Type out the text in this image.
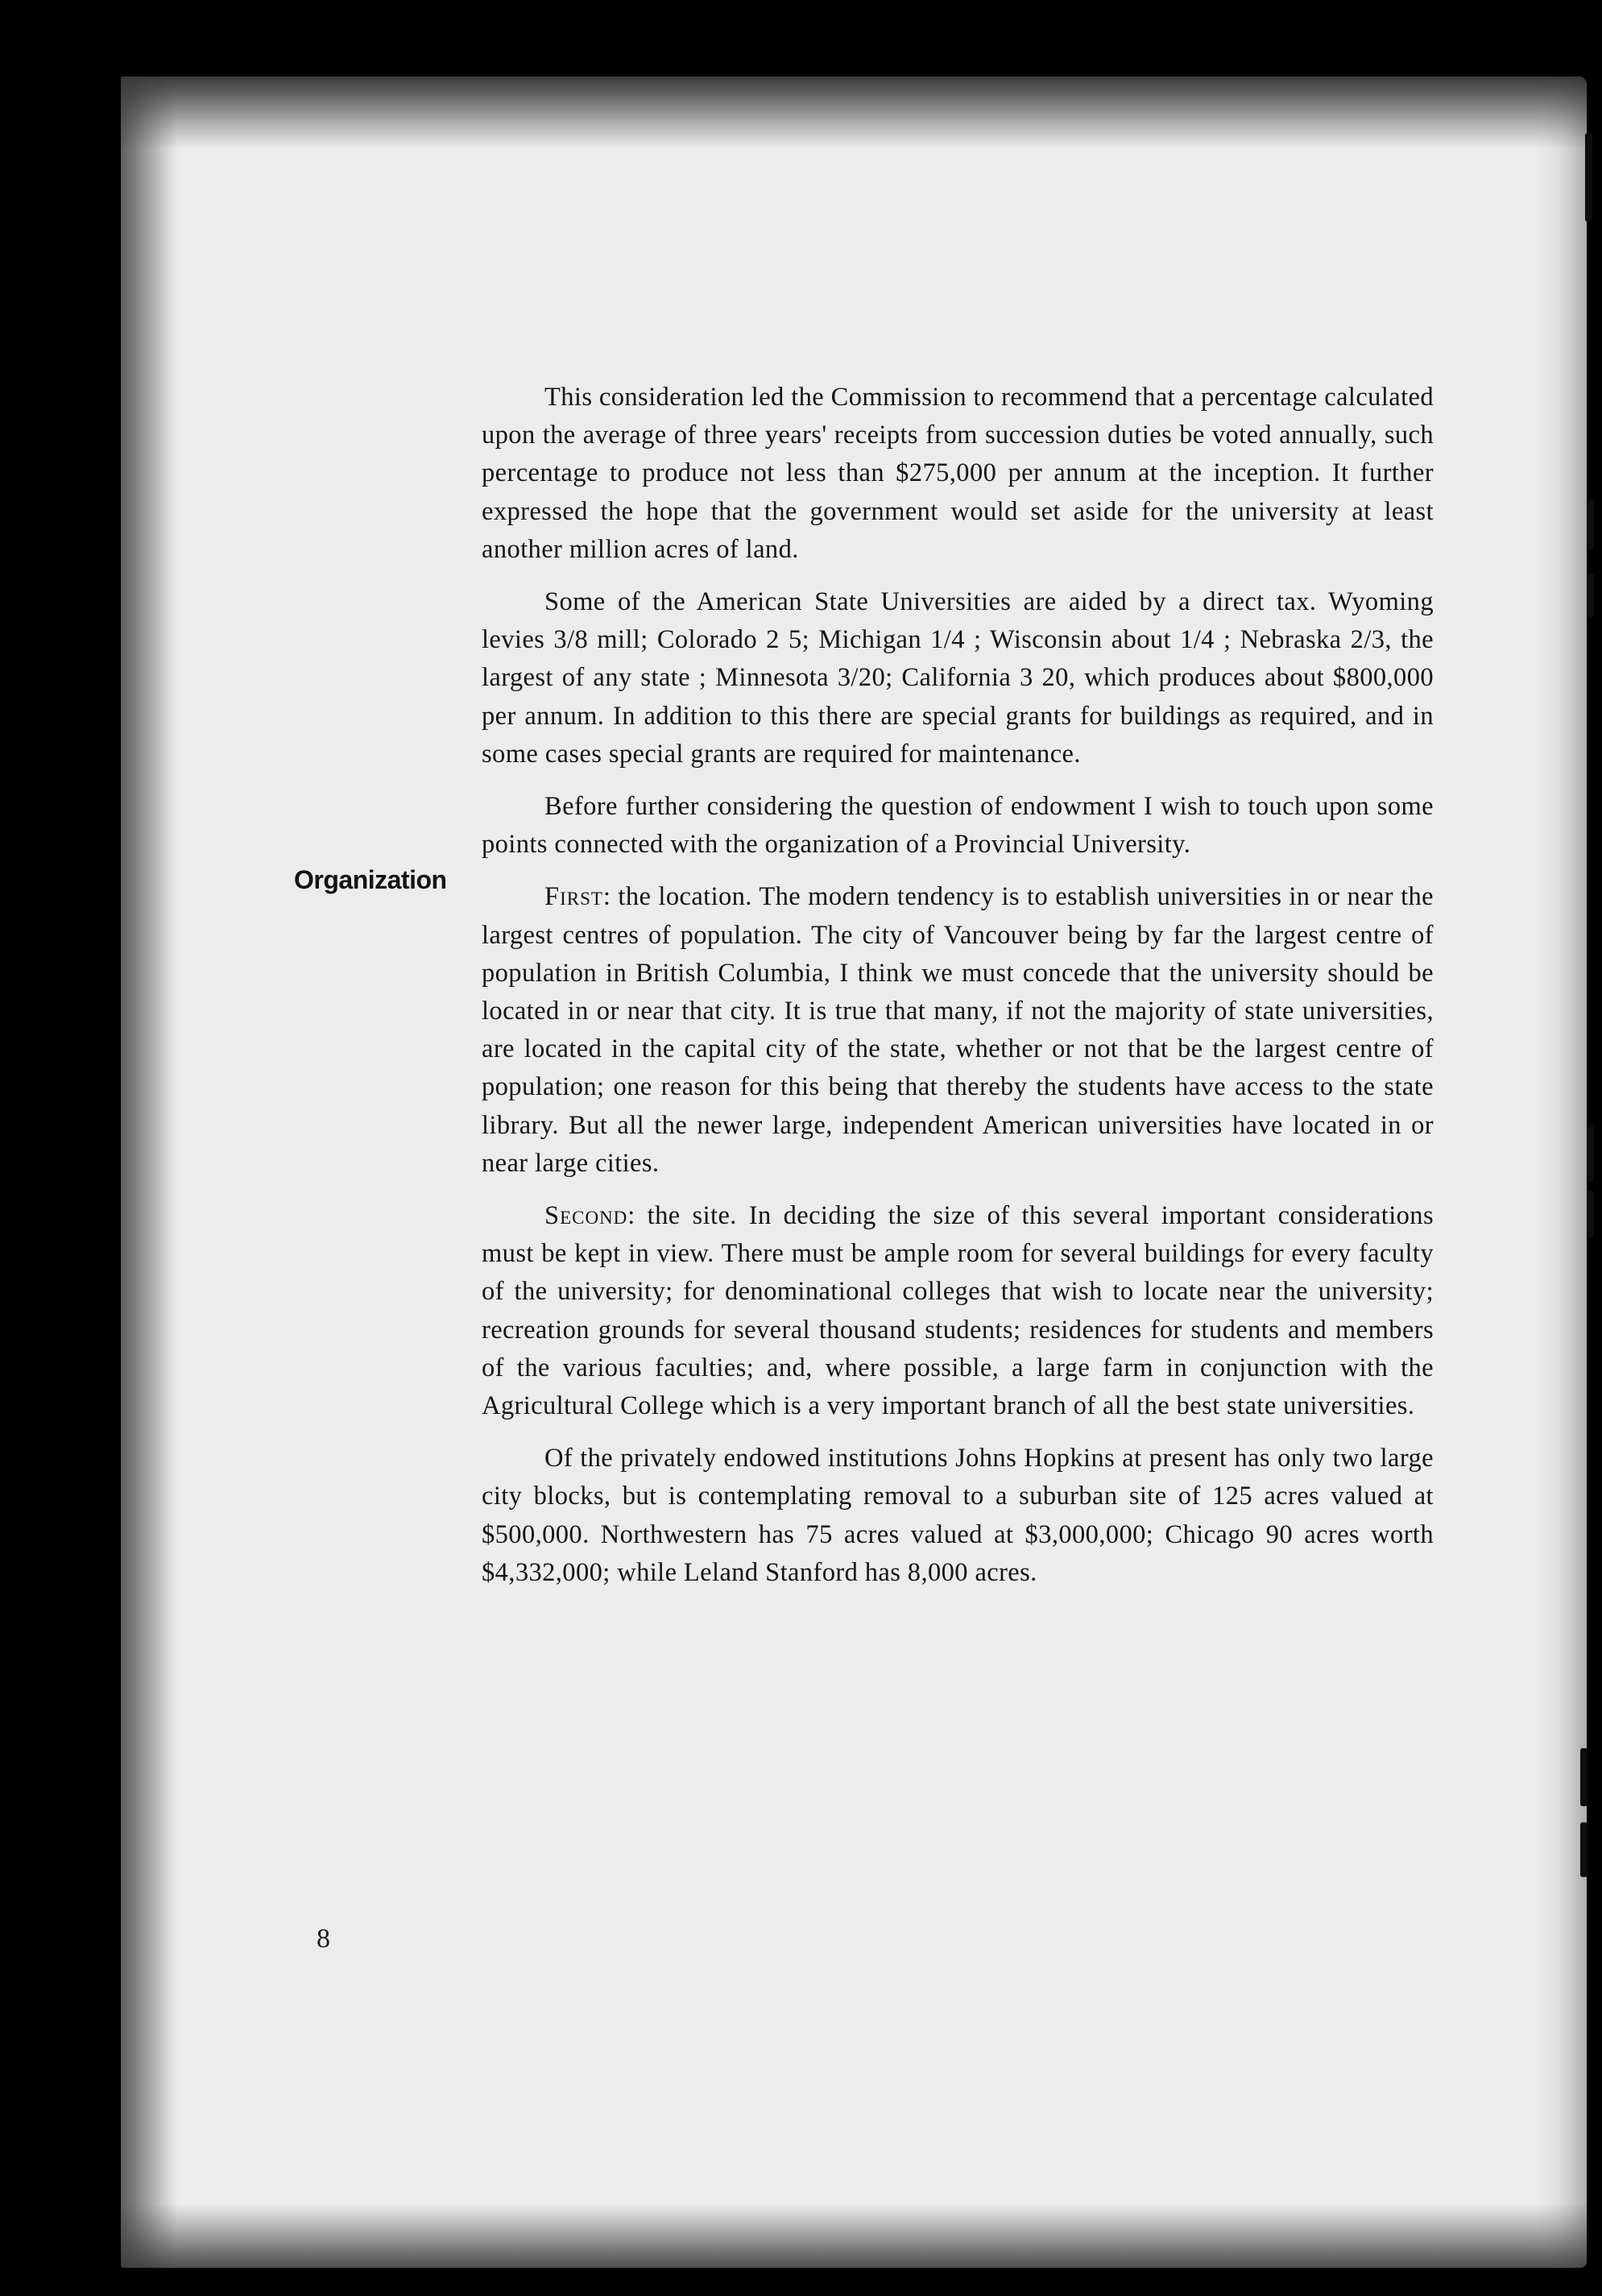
Organization

This consideration led the Commission to recommend that a percentage calculated upon the average of three years' receipts from succession duties be voted annually, such percentage to produce not less than $275,000 per annum at the inception. It further expressed the hope that the government would set aside for the university at least another million acres of land.

Some of the American State Universities are aided by a direct tax. Wyoming levies 3/8 mill; Colorado 2 5; Michigan 1/4 ; Wisconsin about 1/4 ; Nebraska 2/3, the largest of any state ; Minnesota 3/20; California 3 20, which produces about $800,000 per annum. In addition to this there are special grants for buildings as required, and in some cases special grants are required for maintenance.

Before further considering the question of endowment I wish to touch upon some points connected with the organization of a Provincial University.

First: the location. The modern tendency is to establish universities in or near the largest centres of population. The city of Vancouver being by far the largest centre of population in British Columbia, I think we must concede that the university should be located in or near that city. It is true that many, if not the majority of state universities, are located in the capital city of the state, whether or not that be the largest centre of population; one reason for this being that thereby the students have access to the state library. But all the newer large, independent American universities have located in or near large cities.

Second: the site. In deciding the size of this several important considerations must be kept in view. There must be ample room for several buildings for every faculty of the university; for denominational colleges that wish to locate near the university; recreation grounds for several thousand students; residences for students and members of the various faculties; and, where possible, a large farm in conjunction with the Agricultural College which is a very important branch of all the best state universities.

Of the privately endowed institutions Johns Hopkins at present has only two large city blocks, but is contemplating removal to a suburban site of 125 acres valued at $500,000. Northwestern has 75 acres valued at $3,000,000; Chicago 90 acres worth $4,332,000; while Leland Stanford has 8,000 acres.

8
